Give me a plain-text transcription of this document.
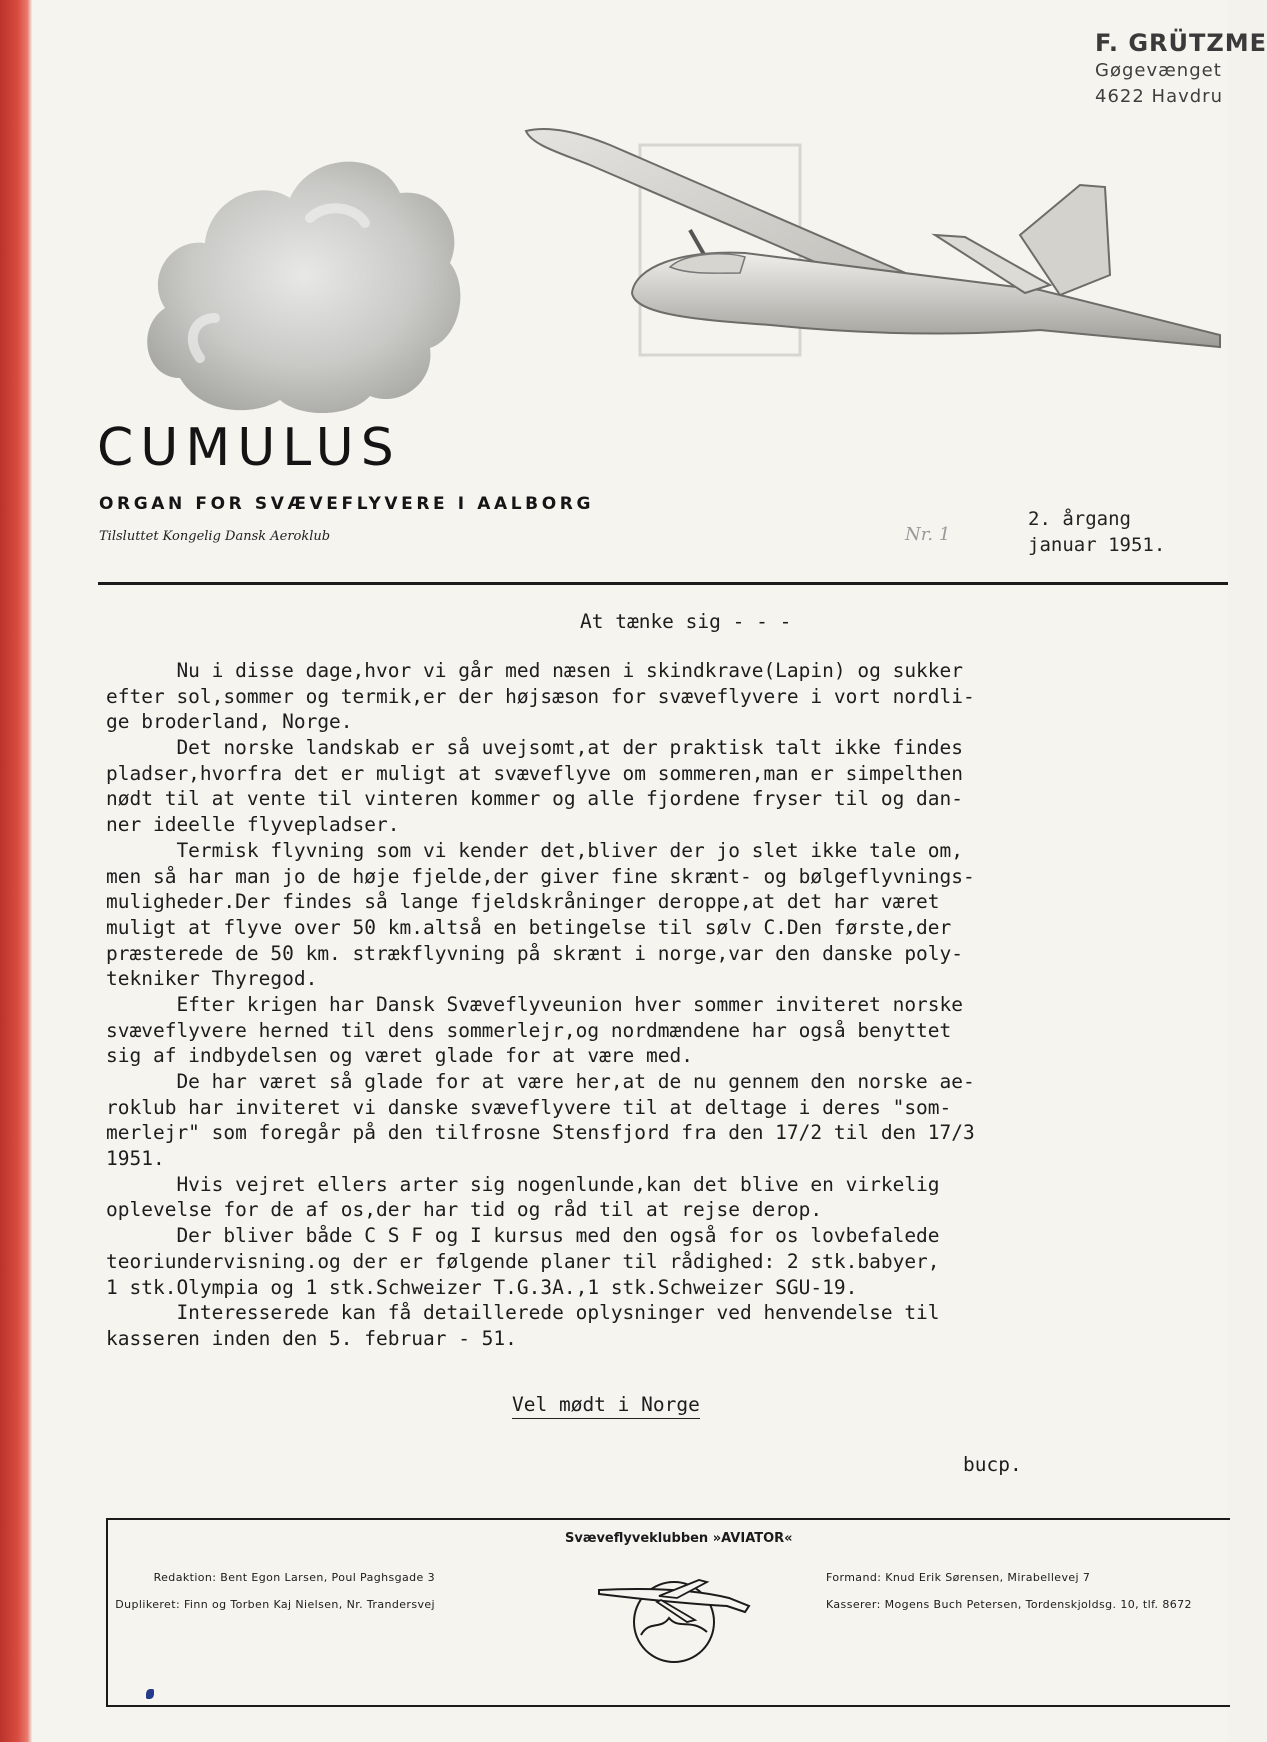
F. GRÜTZME
Gøgevænget
4622 Havdru
CUMULUS
ORGAN FOR SVÆVEFLYVERE I AALBORG
Tilsluttet Kongelig Dansk Aeroklub	Nr. 1
2. årgang
januar 1951.
At tænke sig - - -
Nu i disse dage,hvor vi går med næsen i skindkrave(Lapin) og sukker
efter sol,sommer og termik,er der højsæson for svæveflyvere i vort nordli-
ge broderland, Norge.
Det norske landskab er så uvejsomt,at der praktisk talt ikke findes
pladser,hvorfra det er muligt at svæveflyve om sommeren,man er simpelthen
nødt til at vente til vinteren kommer og alle fjordene fryser til og dan-
ner ideelle flyvepladser.
Termisk flyvning som vi kender det,bliver der jo slet ikke tale om,
men så har man jo de høje fjelde,der giver fine skrænt- og bølgeflyvnings-
muligheder.Der findes så lange fjeldskråninger deroppe,at det har været
muligt at flyve over 50 km.altså en betingelse til sølv C.Den første,der
præsterede de 50 km. strækflyvning på skrænt i norge,var den danske poly-
tekniker Thyregod.
Efter krigen har Dansk Svæveflyveunion hver sommer inviteret norske
svæveflyvere herned til dens sommerlejr,og nordmændene har også benyttet
sig af indbydelsen og været glade for at være med.
De har været så glade for at være her,at de nu gennem den norske ae-
roklub har inviteret vi danske svæveflyvere til at deltage i deres "som-
merlejr" som foregår på den tilfrosne Stensfjord fra den 17/2 til den 17/3
1951.
Hvis vejret ellers arter sig nogenlunde,kan det blive en virkelig
oplevelse for de af os,der har tid og råd til at rejse derop.
Der bliver både C S F og I kursus med den også for os lovbefalede
teoriundervisning.og der er følgende planer til rådighed: 2 stk.babyer,
1 stk.Olympia og 1 stk.Schweizer T.G.3A.,1 stk.Schweizer SGU-19.
Interesserede kan få detaillerede oplysninger ved henvendelse til
kasseren inden den 5. februar - 51.
Vel mødt i Norge
bucp.
Svæveflyveklubben »AVIATOR«
Redaktion: Bent Egon Larsen, Poul Paghsgade 3
Duplikeret: Finn og Torben Kaj Nielsen, Nr. Trandersvej
Formand: Knud Erik Sørensen, Mirabellevej 7
Kasserer: Mogens Buch Petersen, Tordenskjoldsg. 10, tlf. 8672
